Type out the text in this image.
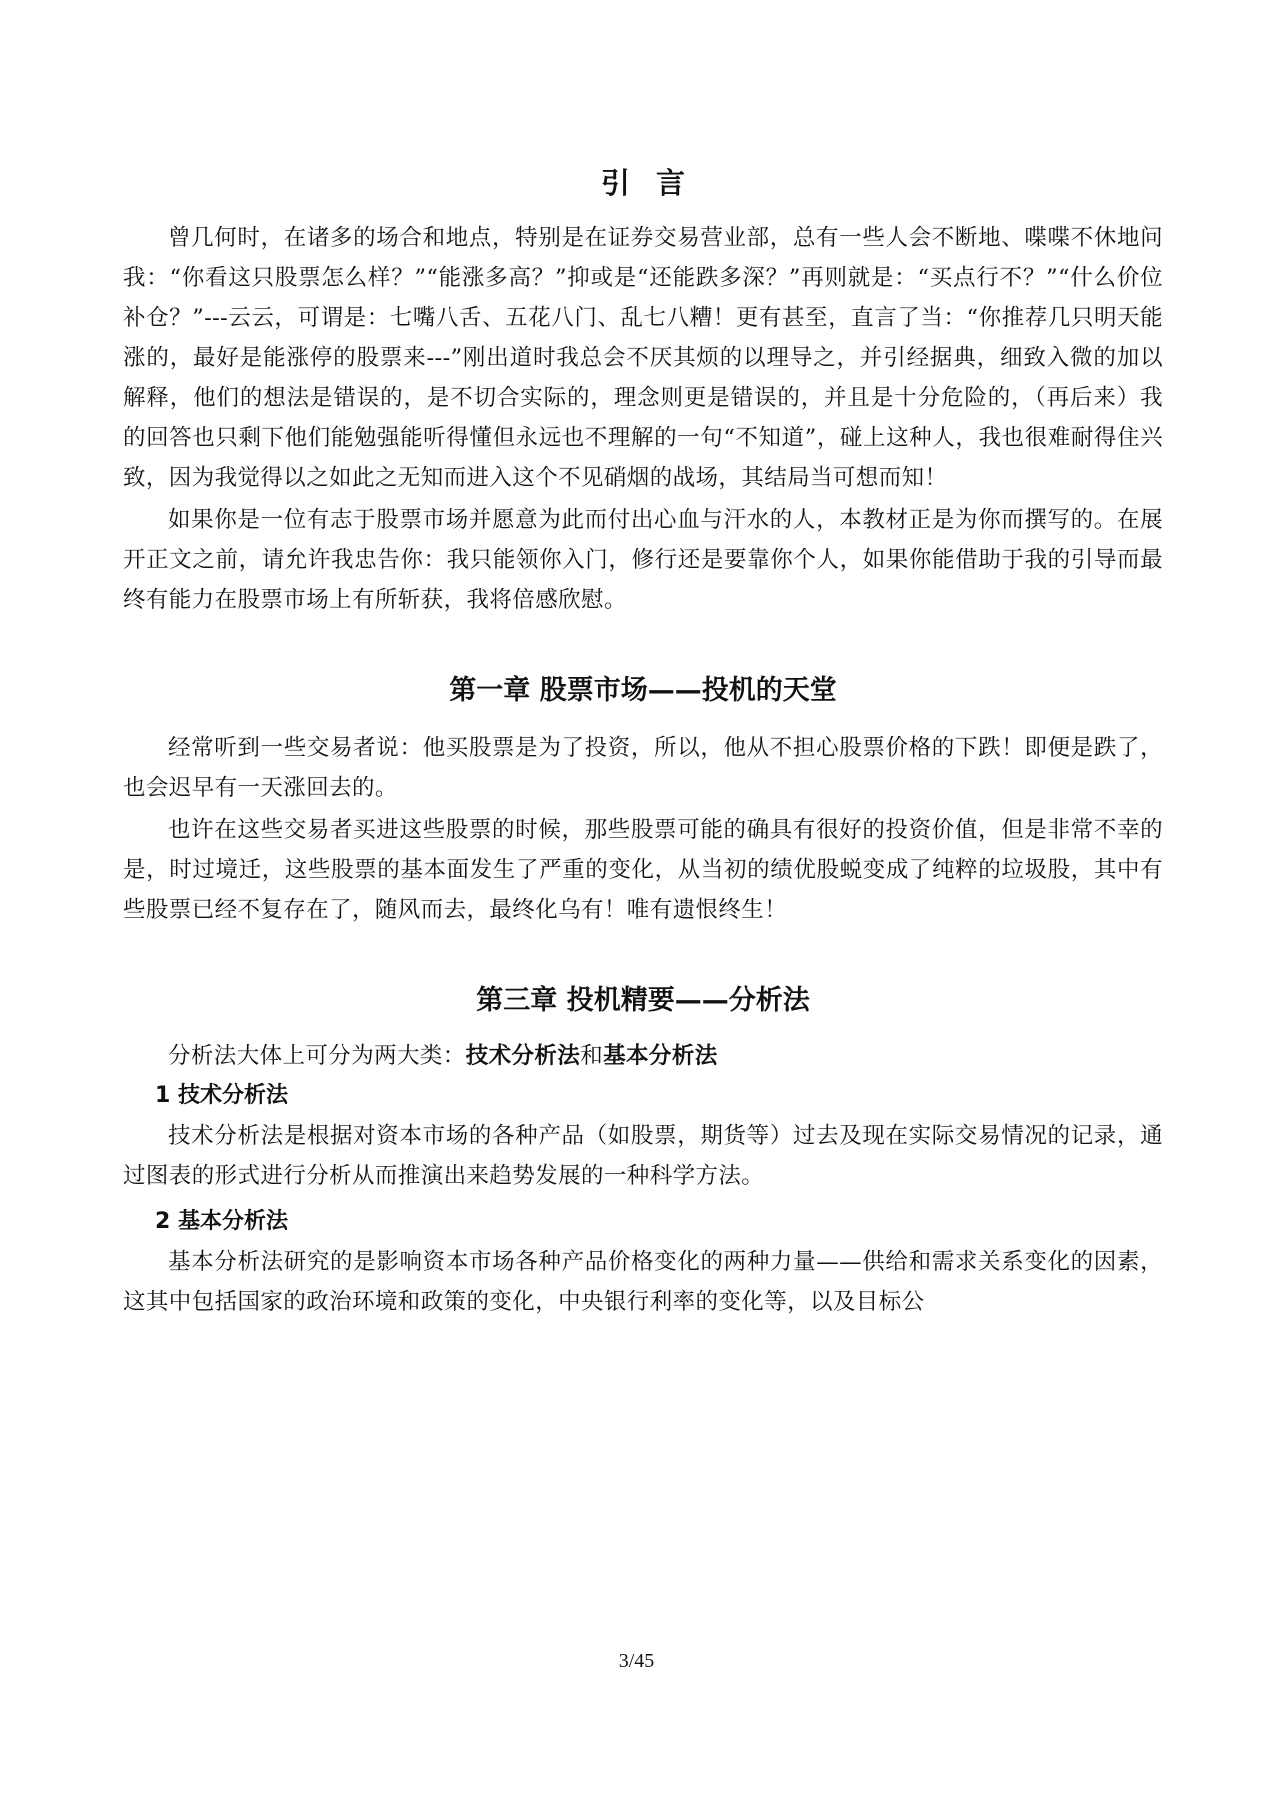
引言

曾几何时，在诸多的场合和地点，特别是在证券交易营业部，总有一些人会不断地、喋喋不休地问我：“你看这只股票怎么样？”“能涨多高？”抑或是“还能跌多深？”再则就是：“买点行不？”“什么价位补仓？”---云云，可谓是：七嘴八舌、五花八门、乱七八糟！更有甚至，直言了当：“你推荐几只明天能涨的，最好是能涨停的股票来---”刚出道时我总会不厌其烦的以理导之，并引经据典，细致入微的加以解释，他们的想法是错误的，是不切合实际的，理念则更是错误的，并且是十分危险的，（再后来）我的回答也只剩下他们能勉强能听得懂但永远也不理解的一句“不知道”，碰上这种人，我也很难耐得住兴致，因为我觉得以之如此之无知而进入这个不见硝烟的战场，其结局当可想而知！

如果你是一位有志于股票市场并愿意为此而付出心血与汗水的人，本教材正是为你而撰写的。在展开正文之前，请允许我忠告你：我只能领你入门，修行还是要靠你个人，如果你能借助于我的引导而最终有能力在股票市场上有所斩获，我将倍感欣慰。

第一章 股票市场——投机的天堂

经常听到一些交易者说：他买股票是为了投资，所以，他从不担心股票价格的下跌！即便是跌了，也会迟早有一天涨回去的。

也许在这些交易者买进这些股票的时候，那些股票可能的确具有很好的投资价值，但是非常不幸的是，时过境迁，这些股票的基本面发生了严重的变化，从当初的绩优股蜕变成了纯粹的垃圾股，其中有些股票已经不复存在了，随风而去，最终化乌有！唯有遗恨终生！

第三章 投机精要——分析法

分析法大体上可分为两大类：技术分析法和基本分析法

1 技术分析法

技术分析法是根据对资本市场的各种产品（如股票，期货等）过去及现在实际交易情况的记录，通过图表的形式进行分析从而推演出来趋势发展的一种科学方法。

2 基本分析法

基本分析法研究的是影响资本市场各种产品价格变化的两种力量——供给和需求关系变化的因素，这其中包括国家的政治环境和政策的变化，中央银行利率的变化等，以及目标公

3/45
